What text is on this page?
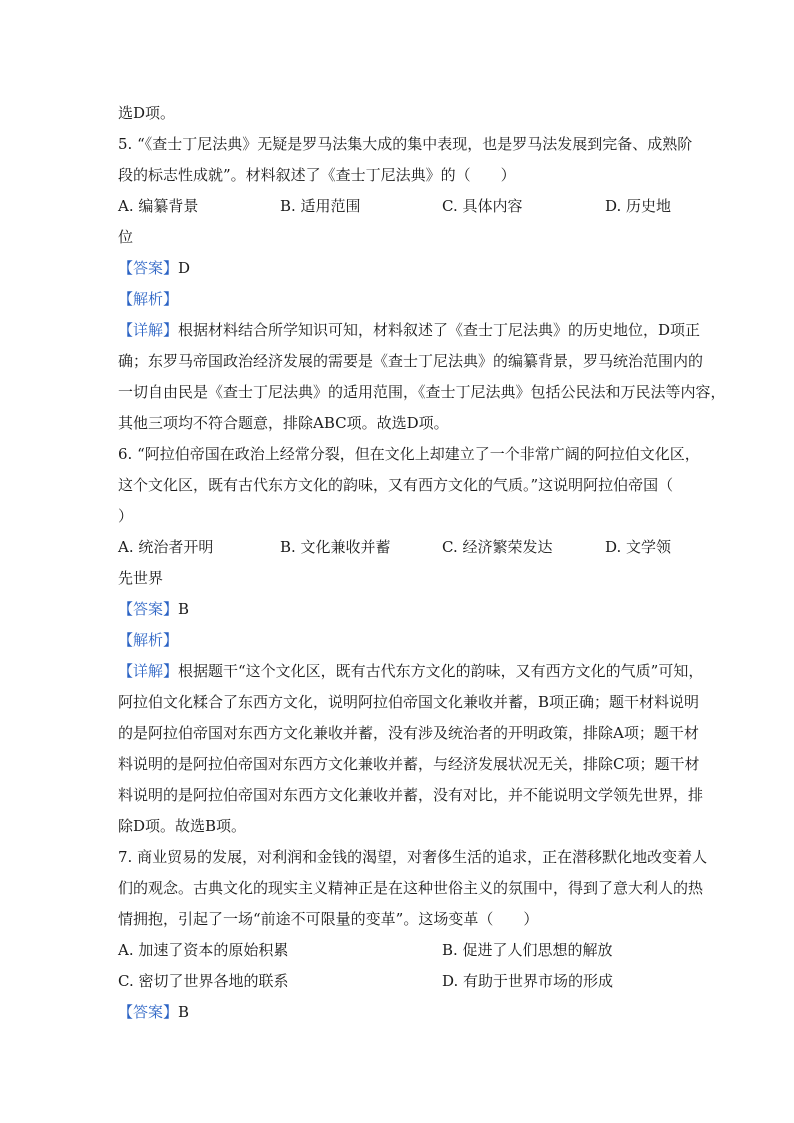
选D项。
5. “《查士丁尼法典》无疑是罗马法集大成的集中表现，也是罗马法发展到完备、成熟阶
段的标志性成就”。材料叙述了《查士丁尼法典》的（　　）
A. 编纂背景	B. 适用范围	C. 具体内容	D. 历史地
位
【答案】D
【解析】
【详解】根据材料结合所学知识可知，材料叙述了《查士丁尼法典》的历史地位，D项正
确；东罗马帝国政治经济发展的需要是《查士丁尼法典》的编纂背景，罗马统治范围内的
一切自由民是《查士丁尼法典》的适用范围，《查士丁尼法典》包括公民法和万民法等内容，
其他三项均不符合题意，排除ABC项。故选D项。
6. “阿拉伯帝国在政治上经常分裂，但在文化上却建立了一个非常广阔的阿拉伯文化区，
这个文化区，既有古代东方文化的韵味，又有西方文化的气质。”这说明阿拉伯帝国（
）
A. 统治者开明	B. 文化兼收并蓄	C. 经济繁荣发达	D. 文学领
先世界
【答案】B
【解析】
【详解】根据题干“这个文化区，既有古代东方文化的韵味，又有西方文化的气质”可知，
阿拉伯文化糅合了东西方文化，说明阿拉伯帝国文化兼收并蓄，B项正确；题干材料说明
的是阿拉伯帝国对东西方文化兼收并蓄，没有涉及统治者的开明政策，排除A项；题干材
料说明的是阿拉伯帝国对东西方文化兼收并蓄，与经济发展状况无关，排除C项；题干材
料说明的是阿拉伯帝国对东西方文化兼收并蓄，没有对比，并不能说明文学领先世界，排
除D项。故选B项。
7. 商业贸易的发展，对利润和金钱的渴望，对奢侈生活的追求，正在潜移默化地改变着人
们的观念。古典文化的现实主义精神正是在这种世俗主义的氛围中，得到了意大利人的热
情拥抱，引起了一场“前途不可限量的变革”。这场变革（　　）
A. 加速了资本的原始积累	B. 促进了人们思想的解放
C. 密切了世界各地的联系	D. 有助于世界市场的形成
【答案】B
